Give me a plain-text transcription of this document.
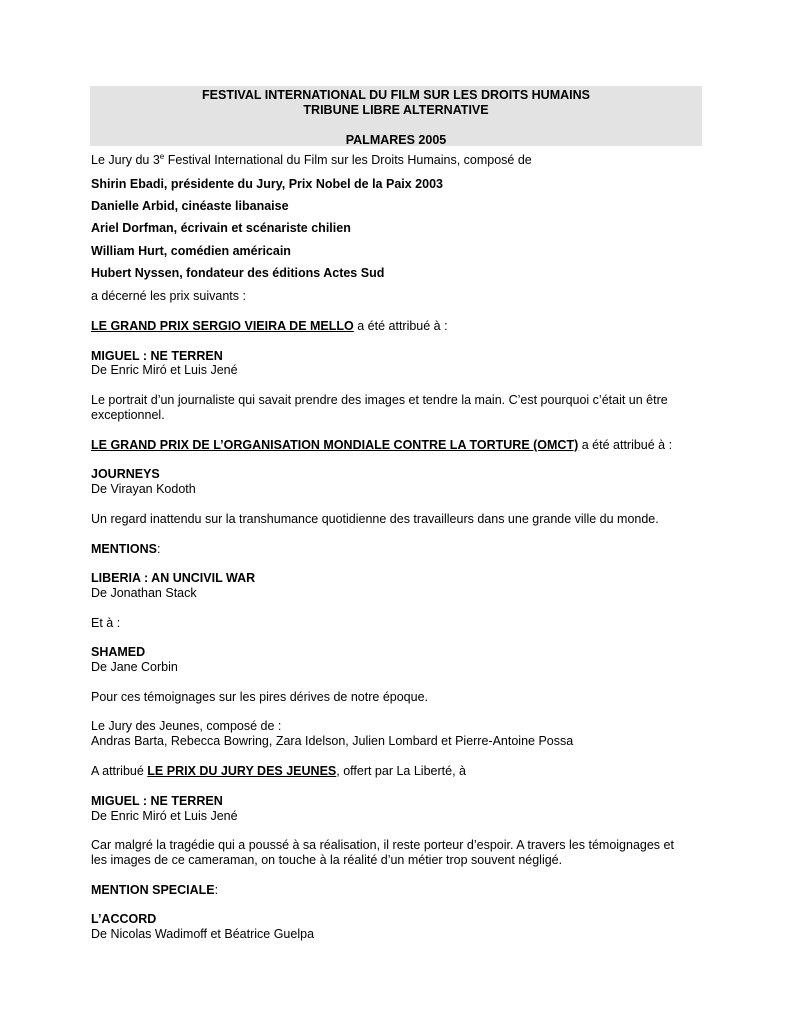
FESTIVAL INTERNATIONAL DU FILM SUR LES DROITS HUMAINS
TRIBUNE LIBRE ALTERNATIVE
PALMARES 2005
Le Jury du 3e Festival International du Film sur les Droits Humains, composé de
Shirin Ebadi, présidente du Jury, Prix Nobel de la Paix 2003
Danielle Arbid, cinéaste libanaise
Ariel Dorfman, écrivain et scénariste chilien
William Hurt, comédien américain
Hubert Nyssen, fondateur des éditions Actes Sud
a décerné les prix suivants :
LE GRAND PRIX SERGIO VIEIRA DE MELLO a été attribué à :
MIGUEL : NE TERREN
De Enric Miró et Luis Jené
Le portrait d’un journaliste qui savait prendre des images et tendre la main. C’est pourquoi c’était un être
exceptionnel.
LE GRAND PRIX DE L’ORGANISATION MONDIALE CONTRE LA TORTURE (OMCT) a été attribué à :
JOURNEYS
De Virayan Kodoth
Un regard inattendu sur la transhumance quotidienne des travailleurs dans une grande ville du monde.
MENTIONS:
LIBERIA : AN UNCIVIL WAR
De Jonathan Stack
Et à :
SHAMED
De Jane Corbin
Pour ces témoignages sur les pires dérives de notre époque.
Le Jury des Jeunes, composé de :
Andras Barta, Rebecca Bowring, Zara Idelson, Julien Lombard et Pierre-Antoine Possa
A attribué LE PRIX DU JURY DES JEUNES, offert par La Liberté, à
MIGUEL : NE TERREN
De Enric Miró et Luis Jené
Car malgré la tragédie qui a poussé à sa réalisation, il reste porteur d’espoir. A travers les témoignages et
les images de ce cameraman, on touche à la réalité d’un métier trop souvent négligé.
MENTION SPECIALE:
L’ACCORD
De Nicolas Wadimoff et Béatrice Guelpa
